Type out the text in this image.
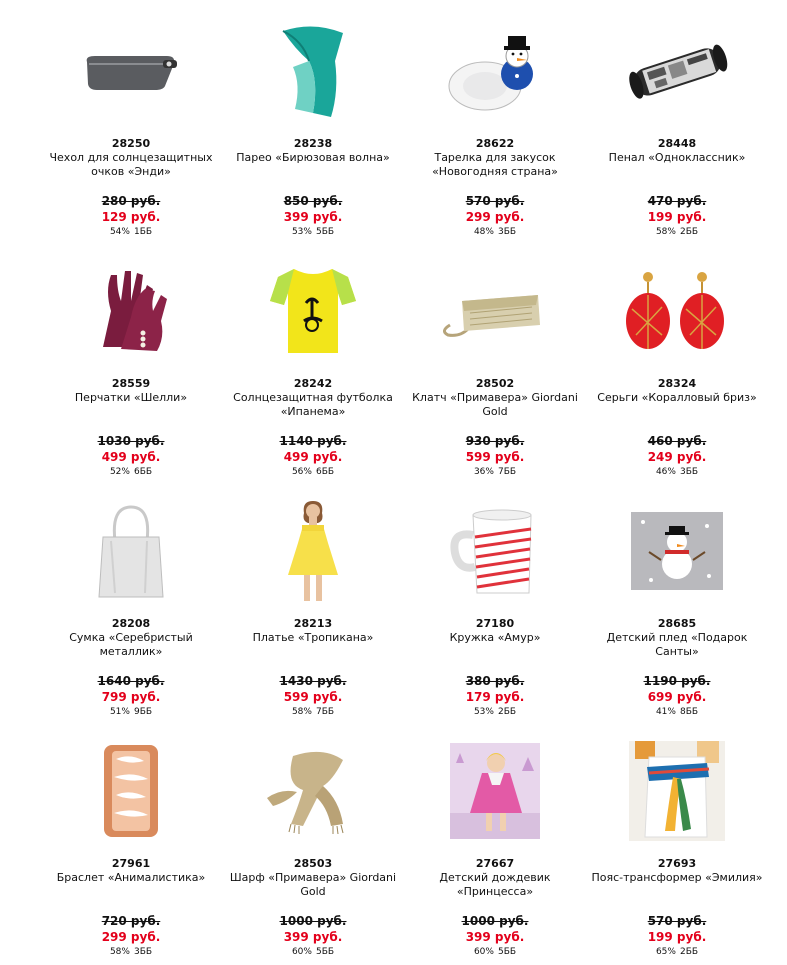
28250
Чехол для солнцезащитных очков «Энди»
280 руб.
129 руб.
54% 1ББ
28238
Парео «Бирюзовая волна»
850 руб.
399 руб.
53% 5ББ
28622
Тарелка для закусок «Новогодняя страна»
570 руб.
299 руб.
48% 3ББ
28448
Пенал «Одноклассник»
470 руб.
199 руб.
58% 2ББ
28559
Перчатки «Шелли»
1030 руб.
499 руб.
52% 6ББ
28242
Солнцезащитная футболка «Ипанема»
1140 руб.
499 руб.
56% 6ББ
28502
Клатч «Примавера» Giordani Gold
930 руб.
599 руб.
36% 7ББ
28324
Серьги «Коралловый бриз»
460 руб.
249 руб.
46% 3ББ
28208
Сумка «Серебристый металлик»
1640 руб.
799 руб.
51% 9ББ
28213
Платье «Тропикана»
1430 руб.
599 руб.
58% 7ББ
27180
Кружка «Амур»
380 руб.
179 руб.
53% 2ББ
28685
Детский плед «Подарок Санты»
1190 руб.
699 руб.
41% 8ББ
27961
Браслет «Анималистика»
720 руб.
299 руб.
58% 3ББ
28503
Шарф «Примавера» Giordani Gold
1000 руб.
399 руб.
60% 5ББ
27667
Детский дождевик «Принцесса»
1000 руб.
399 руб.
60% 5ББ
27693
Пояс-трансформер «Эмилия»
570 руб.
199 руб.
65% 2ББ
